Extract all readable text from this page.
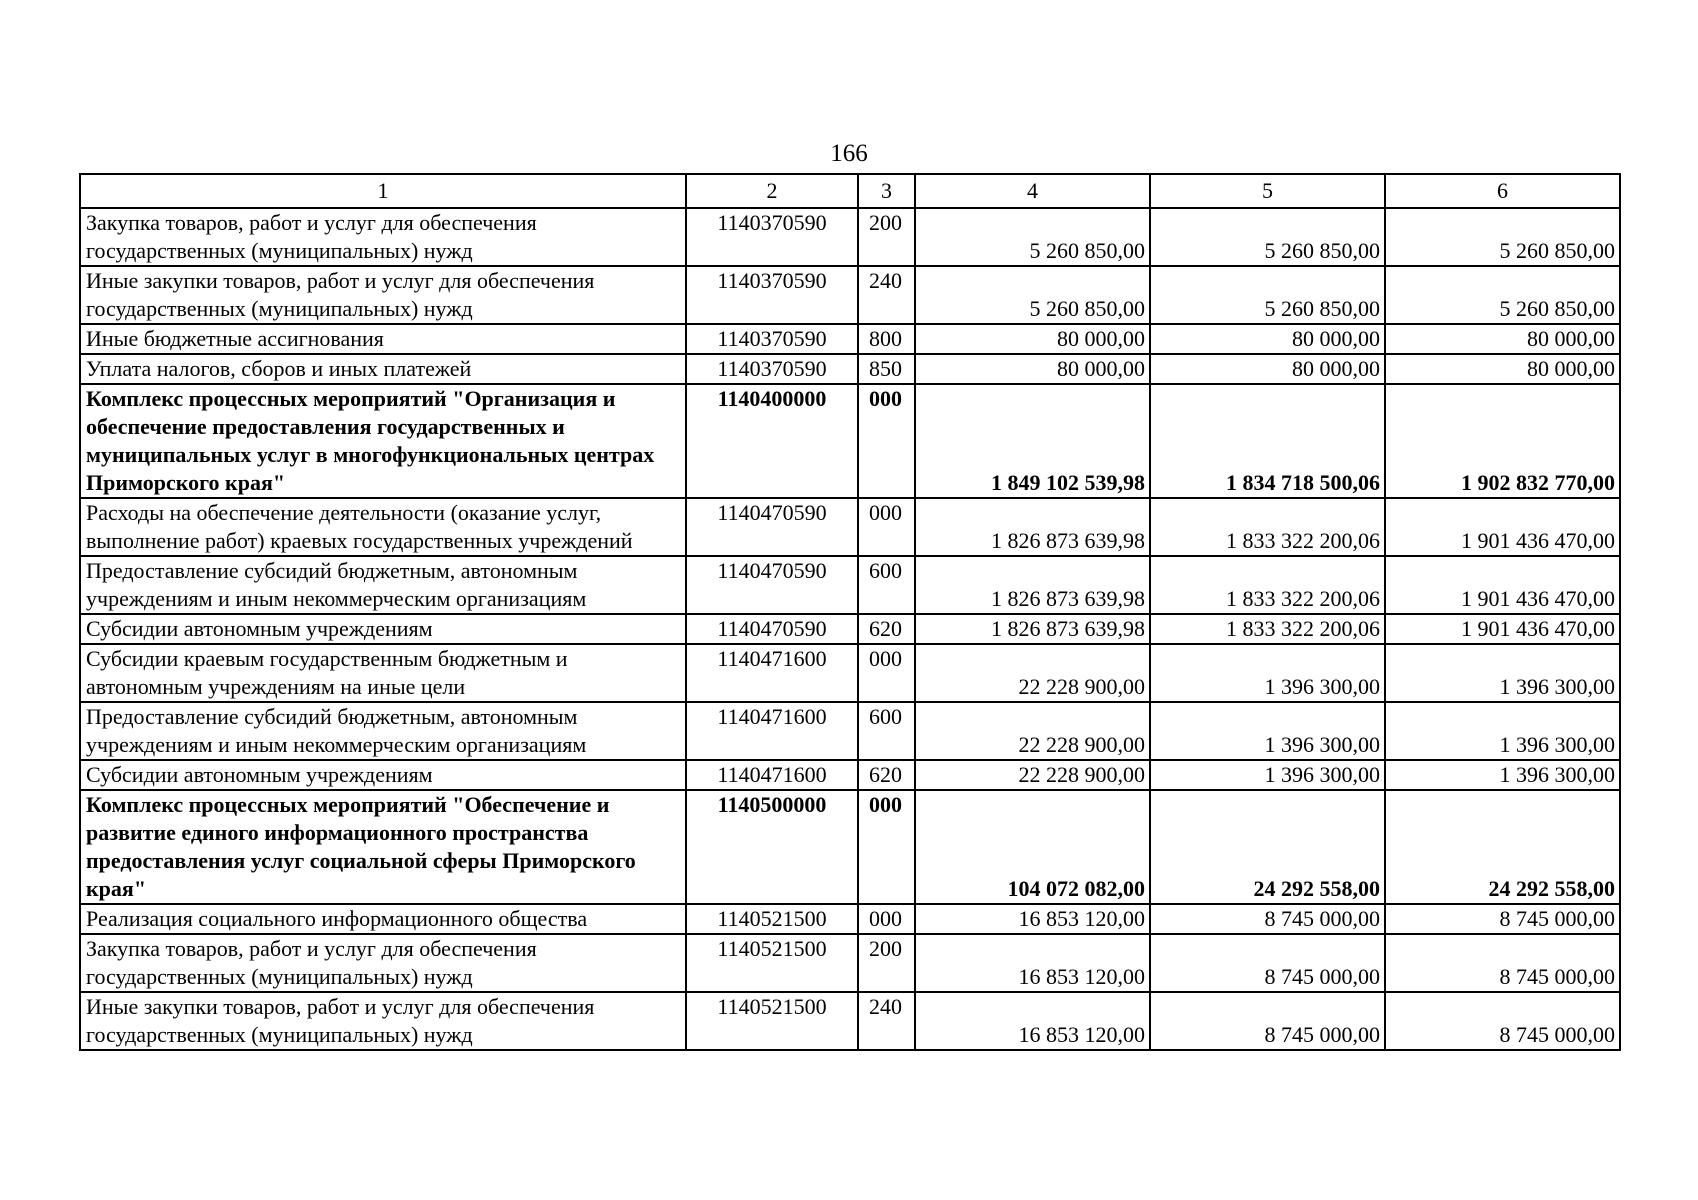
166
1	2	3	4	5	6
Закупка товаров, работ и услуг для обеспечения государственных (муниципальных) нужд	1140370590	200	5 260 850,00	5 260 850,00	5 260 850,00
Иные закупки товаров, работ и услуг для обеспечения государственных (муниципальных) нужд	1140370590	240	5 260 850,00	5 260 850,00	5 260 850,00
Иные бюджетные ассигнования	1140370590	800	80 000,00	80 000,00	80 000,00
Уплата налогов, сборов и иных платежей	1140370590	850	80 000,00	80 000,00	80 000,00
Комплекс процессных мероприятий "Организация и обеспечение предоставления государственных и муниципальных услуг в многофункциональных центрах Приморского края"	1140400000	000	1 849 102 539,98	1 834 718 500,06	1 902 832 770,00
Расходы на обеспечение деятельности (оказание услуг, выполнение работ) краевых государственных учреждений	1140470590	000	1 826 873 639,98	1 833 322 200,06	1 901 436 470,00
Предоставление субсидий бюджетным, автономным учреждениям и иным некоммерческим организациям	1140470590	600	1 826 873 639,98	1 833 322 200,06	1 901 436 470,00
Субсидии автономным учреждениям	1140470590	620	1 826 873 639,98	1 833 322 200,06	1 901 436 470,00
Субсидии краевым государственным бюджетным и автономным учреждениям на иные цели	1140471600	000	22 228 900,00	1 396 300,00	1 396 300,00
Предоставление субсидий бюджетным, автономным учреждениям и иным некоммерческим организациям	1140471600	600	22 228 900,00	1 396 300,00	1 396 300,00
Субсидии автономным учреждениям	1140471600	620	22 228 900,00	1 396 300,00	1 396 300,00
Комплекс процессных мероприятий "Обеспечение и развитие единого информационного пространства предоставления услуг социальной сферы Приморского края"	1140500000	000	104 072 082,00	24 292 558,00	24 292 558,00
Реализация социального информационного общества	1140521500	000	16 853 120,00	8 745 000,00	8 745 000,00
Закупка товаров, работ и услуг для обеспечения государственных (муниципальных) нужд	1140521500	200	16 853 120,00	8 745 000,00	8 745 000,00
Иные закупки товаров, работ и услуг для обеспечения государственных (муниципальных) нужд	1140521500	240	16 853 120,00	8 745 000,00	8 745 000,00
